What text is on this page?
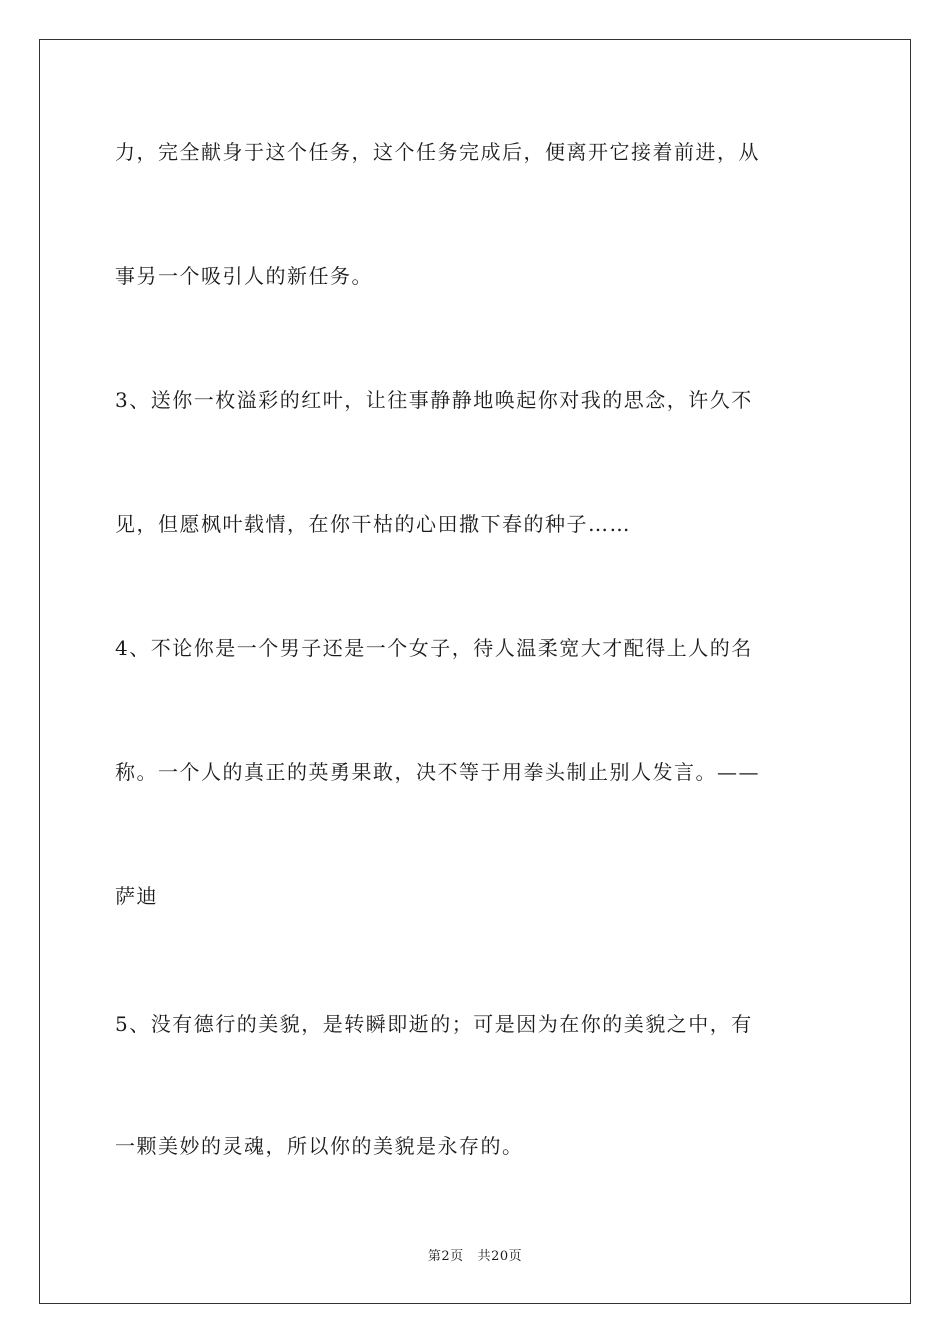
力，完全献身于这个任务，这个任务完成后，便离开它接着前进，从

事另一个吸引人的新任务。

3、送你一枚溢彩的红叶，让往事静静地唤起你对我的思念，许久不

见，但愿枫叶载情，在你干枯的心田撒下春的种子……

4、不论你是一个男子还是一个女子，待人温柔宽大才配得上人的名

称。一个人的真正的英勇果敢，决不等于用拳头制止别人发言。——

萨迪

5、没有德行的美貌，是转瞬即逝的；可是因为在你的美貌之中，有

一颗美妙的灵魂，所以你的美貌是永存的。

第2页 共20页
